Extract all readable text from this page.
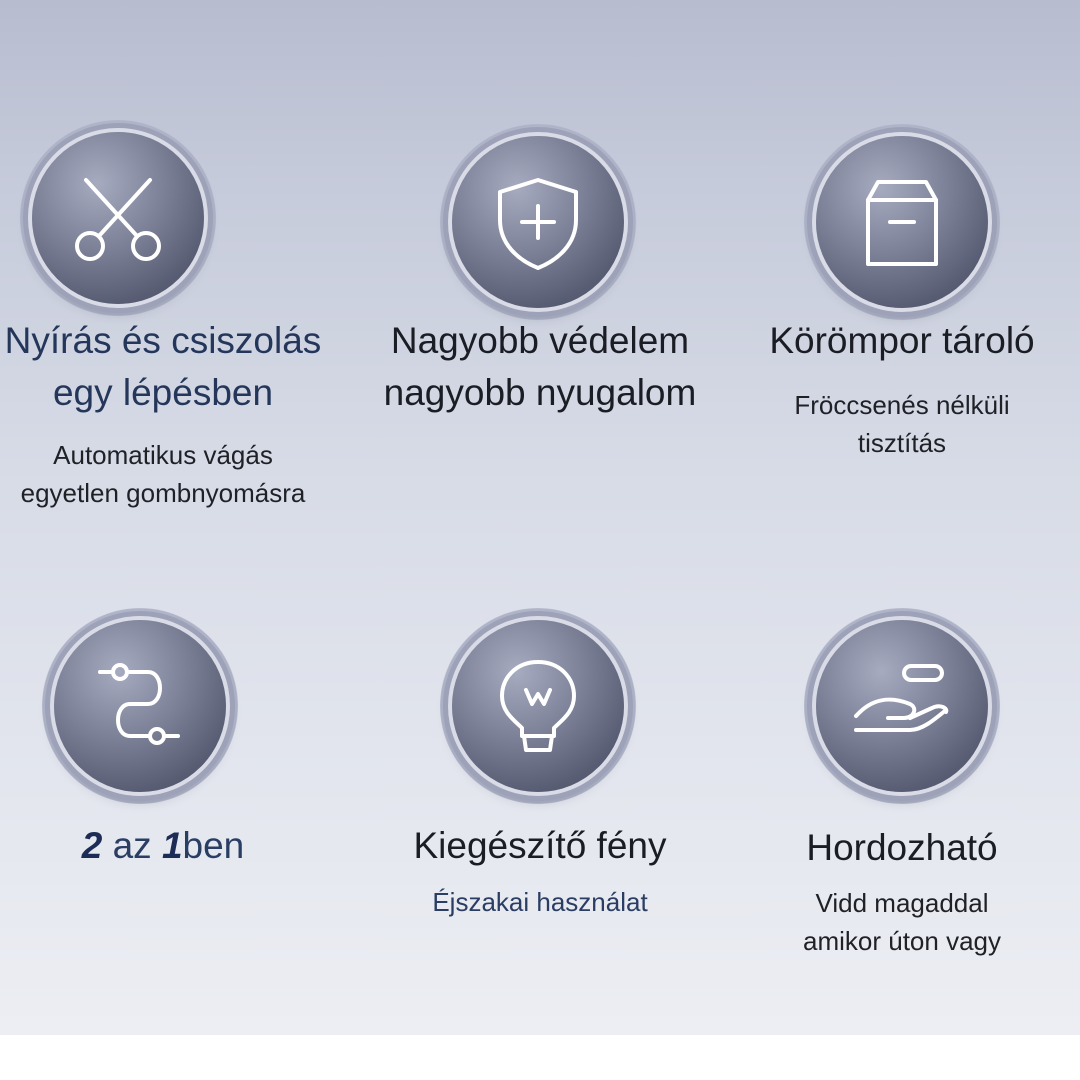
Nyírás és csiszolás
egy lépésben
Automatikus vágás
egyetlen gombnyomásra
Nagyobb védelem
nagyobb nyugalom
Körömpor tároló
Fröccsenés nélküli
tisztítás
2 az 1ben	Kiegészítő fény
Éjszakai használat
Hordozható
Vidd magaddal
amikor úton vagy
